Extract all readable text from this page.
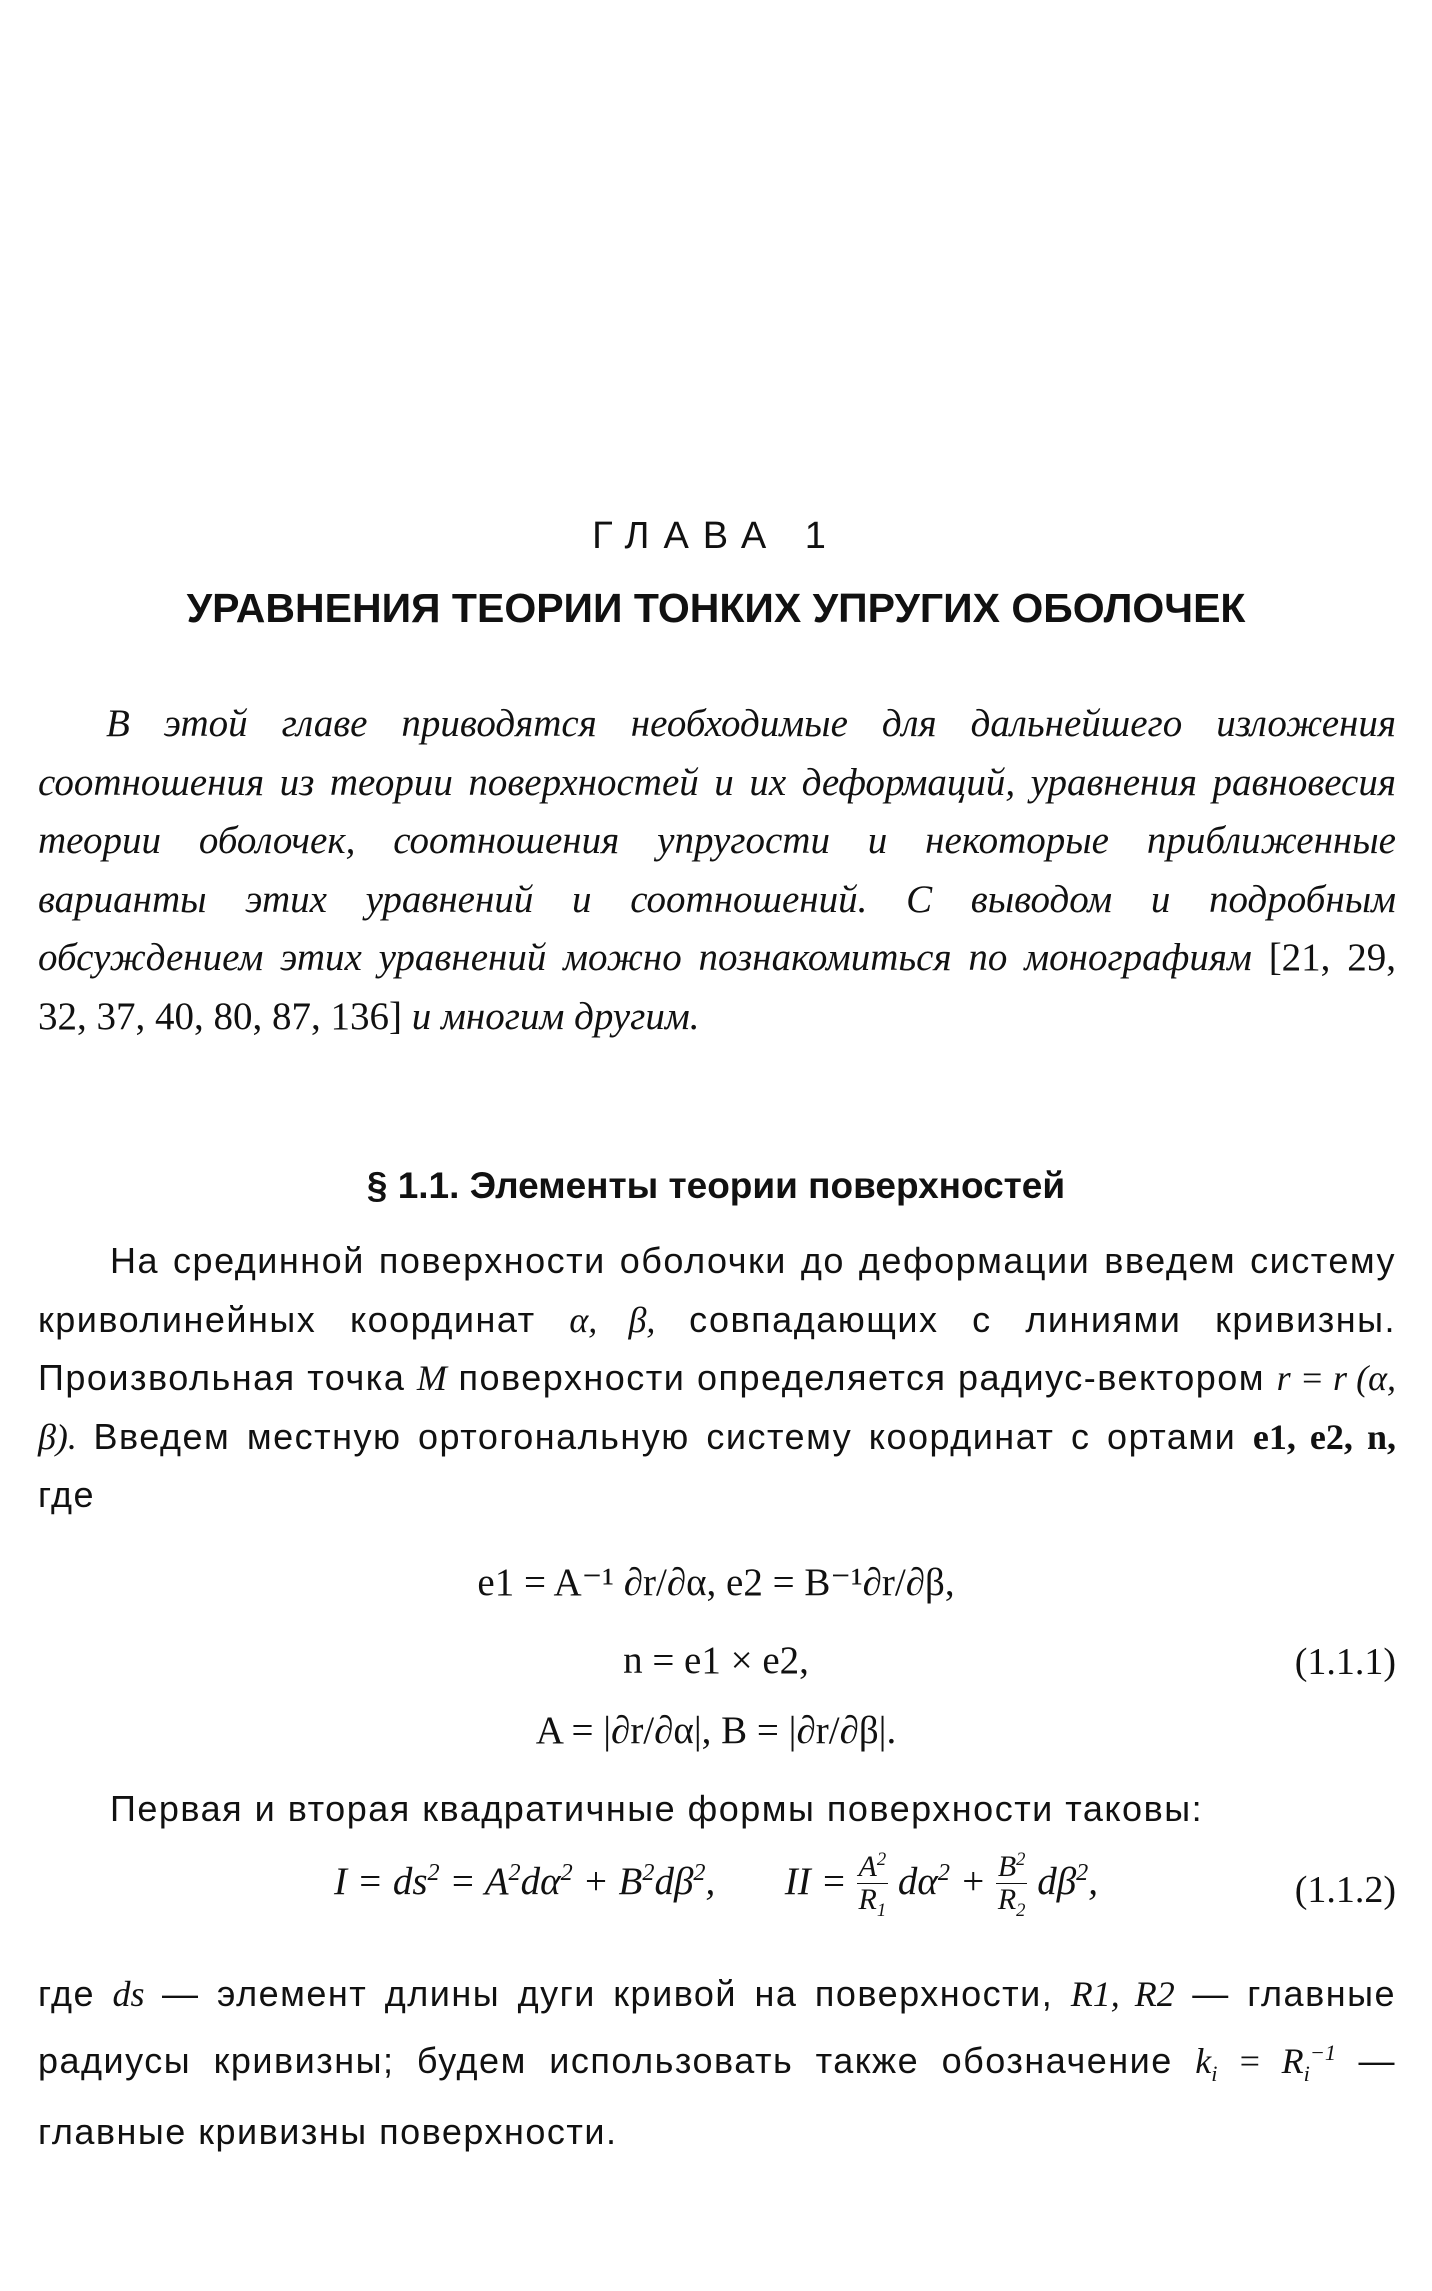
ГЛАВА 1
УРАВНЕНИЯ ТЕОРИИ ТОНКИХ УПРУГИХ ОБОЛОЧЕК
В этой главе приводятся необходимые для дальнейшего изложения соотношения из теории поверхностей и их деформаций, уравнения равновесия теории оболочек, соотношения упругости и некоторые приближенные варианты этих уравнений и соотношений. С выводом и подробным обсуждением этих уравнений можно познакомиться по монографиям [21, 29, 32, 37, 40, 80, 87, 136] и многим другим.
§ 1.1. Элементы теории поверхностей
На срединной поверхности оболочки до деформации введем систему криволинейных координат α, β, совпадающих с линиями кривизны. Произвольная точка M поверхности определяется радиус-вектором r = r (α, β). Введем местную ортогональную систему координат с ортами e1, e2, n, где
e1 = A⁻¹ ∂r/∂α, e2 = B⁻¹∂r/∂β,
n = e1 × e2,
A = |∂r/∂α|, B = |∂r/∂β|.
(1.1.1)
Первая и вторая квадратичные формы поверхности таковы:
$I = ds^2 = A^2d\alpha^2 + B^2d\beta^2$, II = $\frac{A^2}{R_1} d\alpha^2 + \frac{B^2}{R_2} d\beta^2$,	(1.1.2)
где ds — элемент длины дуги кривой на поверхности, R1, R2 — главные радиусы кривизны; будем использовать также обозначение $k_i = R_i^{-1}$ — главные кривизны поверхности.
